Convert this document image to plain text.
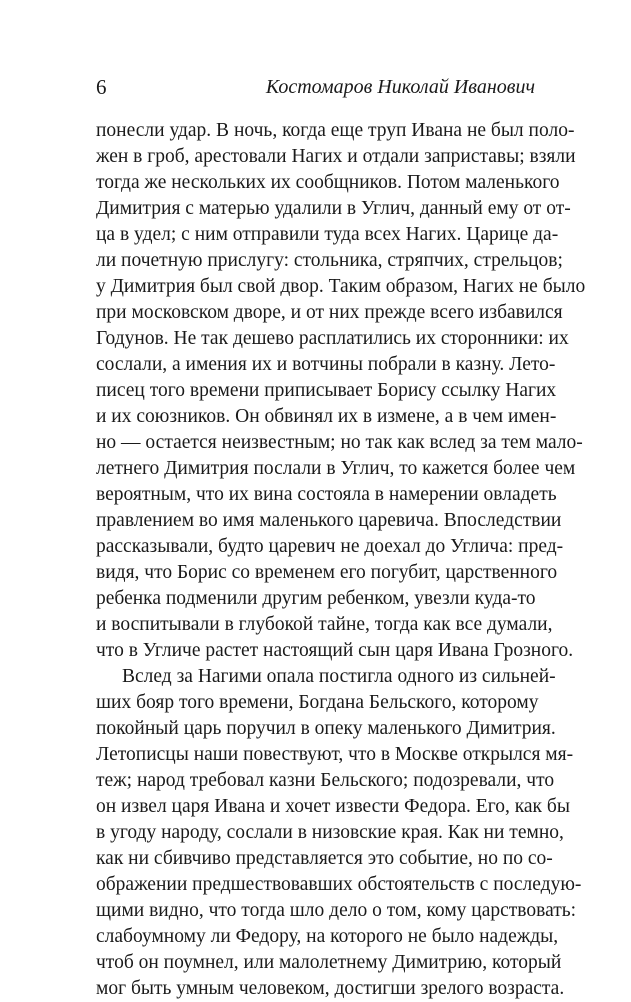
6	Костомаров Николай Иванович
понесли удар. В ночь, когда еще труп Ивана не был поло-
жен в гроб, арестовали Нагих и отдали заприставы; взяли
тогда же нескольких их сообщников. Потом маленького
Димитрия с матерью удалили в Углич, данный ему от от-
ца в удел; с ним отправили туда всех Нагих. Царице да-
ли почетную прислугу: стольника, стряпчих, стрельцов;
у Димитрия был свой двор. Таким образом, Нагих не было
при московском дворе, и от них прежде всего избавился
Годунов. Не так дешево расплатились их сторонники: их
сослали, а имения их и вотчины побрали в казну. Лето-
писец того времени приписывает Борису ссылку Нагих
и их союзников. Он обвинял их в измене, а в чем имен-
но — остается неизвестным; но так как вслед за тем мало-
летнего Димитрия послали в Углич, то кажется более чем
вероятным, что их вина состояла в намерении овладеть
правлением во имя маленького царевича. Впоследствии
рассказывали, будто царевич не доехал до Углича: пред-
видя, что Борис со временем его погубит, царственного
ребенка подменили другим ребенком, увезли куда-то
и воспитывали в глубокой тайне, тогда как все думали,
что в Угличе растет настоящий сын царя Ивана Грозного.
Вслед за Нагими опала постигла одного из сильней-
ших бояр того времени, Богдана Бельского, которому
покойный царь поручил в опеку маленького Димитрия.
Летописцы наши повествуют, что в Москве открылся мя-
теж; народ требовал казни Бельского; подозревали, что
он извел царя Ивана и хочет извести Федора. Его, как бы
в угоду народу, сослали в низовские края. Как ни темно,
как ни сбивчиво представляется это событие, но по со-
ображении предшествовавших обстоятельств с последую-
щими видно, что тогда шло дело о том, кому царствовать:
слабоумному ли Федору, на которого не было надежды,
чтоб он поумнел, или малолетнему Димитрию, который
мог быть умным человеком, достигши зрелого возраста.
